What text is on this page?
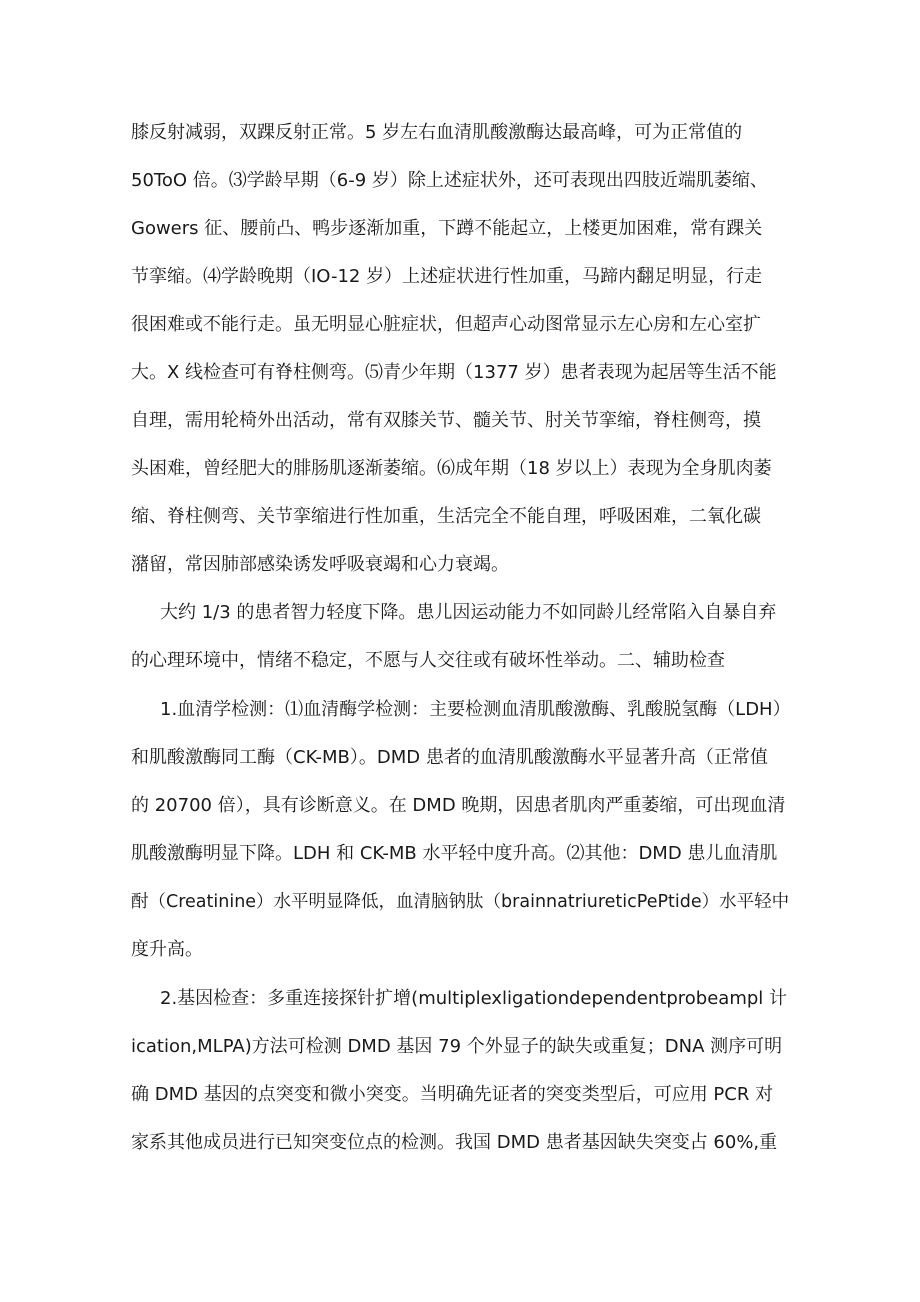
膝反射减弱，双踝反射正常。5 岁左右血清肌酸激酶达最高峰，可为正常值的
50ToO 倍。⑶学龄早期（6-9 岁）除上述症状外，还可表现出四肢近端肌萎缩、
Gowers 征、腰前凸、鸭步逐渐加重，下蹲不能起立，上楼更加困难，常有踝关
节挛缩。⑷学龄晚期（IO-12 岁）上述症状进行性加重，马蹄内翻足明显，行走
很困难或不能行走。虽无明显心脏症状，但超声心动图常显示左心房和左心室扩
大。X 线检查可有脊柱侧弯。⑸青少年期（1377 岁）患者表现为起居等生活不能
自理，需用轮椅外出活动，常有双膝关节、髓关节、肘关节挛缩，脊柱侧弯，摸
头困难，曾经肥大的腓肠肌逐渐萎缩。⑹成年期（18 岁以上）表现为全身肌肉萎
缩、脊柱侧弯、关节挛缩进行性加重，生活完全不能自理，呼吸困难，二氧化碳
潴留，常因肺部感染诱发呼吸衰竭和心力衰竭。
大约 1/3 的患者智力轻度下降。患儿因运动能力不如同龄儿经常陷入自暴自弃
的心理环境中，情绪不稳定，不愿与人交往或有破坏性举动。二、辅助检查
1.血清学检测：⑴血清酶学检测：主要检测血清肌酸激酶、乳酸脱氢酶（LDH）
和肌酸激酶同工酶（CK-MB）。DMD 患者的血清肌酸激酶水平显著升高（正常值
的 20700 倍），具有诊断意义。在 DMD 晚期，因患者肌肉严重萎缩，可出现血清
肌酸激酶明显下降。LDH 和 CK-MB 水平轻中度升高。⑵其他：DMD 患儿血清肌
酎（Creatinine）水平明显降低，血清脑钠肽（brainnatriureticPePtide）水平轻中
度升高。
2.基因检查：多重连接探针扩增(multiplexligationdependentprobeampl 计
ication,MLPA)方法可检测 DMD 基因 79 个外显子的缺失或重复；DNA 测序可明
确 DMD 基因的点突变和微小突变。当明确先证者的突变类型后，可应用 PCR 对
家系其他成员进行已知突变位点的检测。我国 DMD 患者基因缺失突变占 60%,重
